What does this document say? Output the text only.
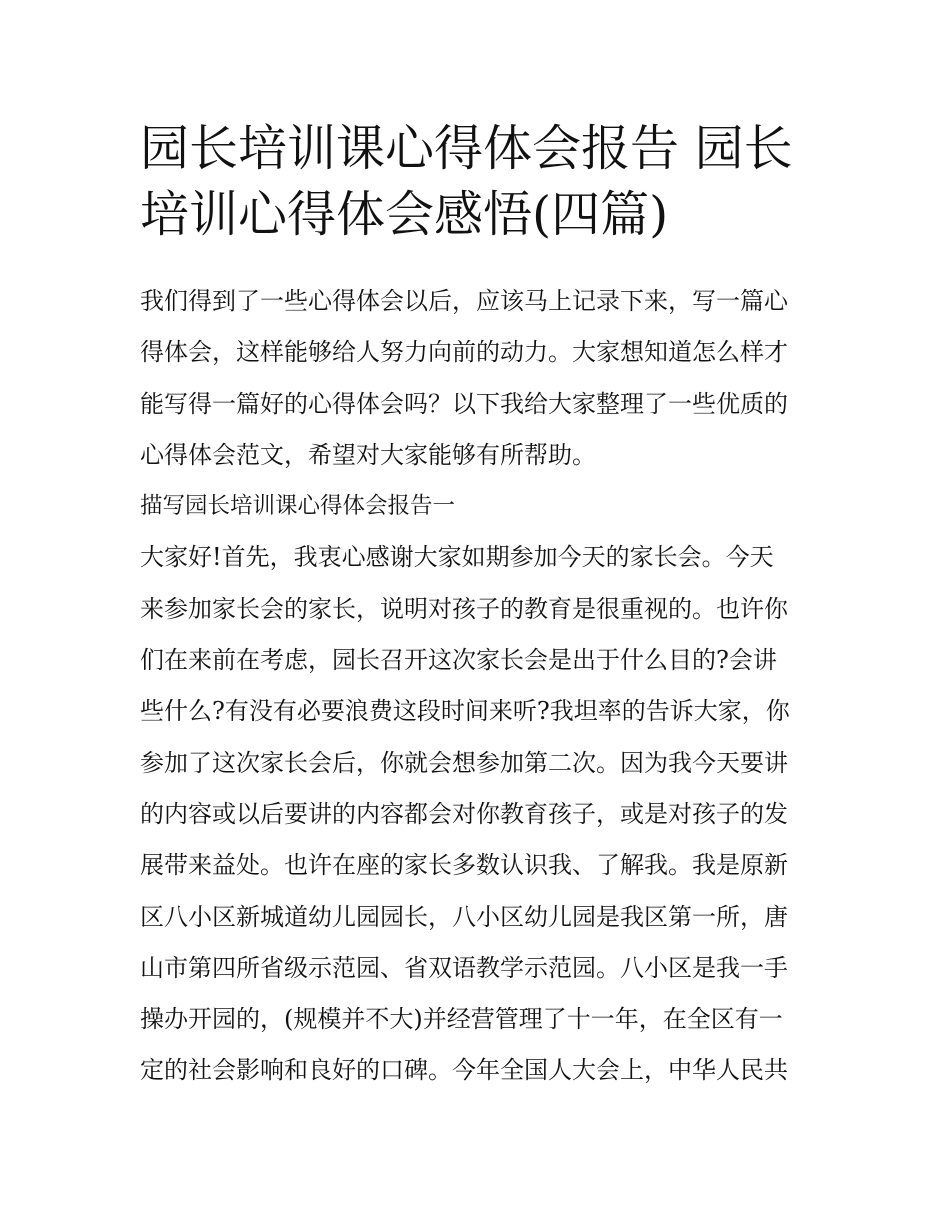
园长培训课心得体会报告 园长
培训心得体会感悟(四篇)
我们得到了一些心得体会以后，应该马上记录下来，写一篇心
得体会，这样能够给人努力向前的动力。大家想知道怎么样才
能写得一篇好的心得体会吗？以下我给大家整理了一些优质的
心得体会范文，希望对大家能够有所帮助。
描写园长培训课心得体会报告一
大家好!首先，我衷心感谢大家如期参加今天的家长会。今天
来参加家长会的家长，说明对孩子的教育是很重视的。也许你
们在来前在考虑，园长召开这次家长会是出于什么目的?会讲
些什么?有没有必要浪费这段时间来听?我坦率的告诉大家，你
参加了这次家长会后，你就会想参加第二次。因为我今天要讲
的内容或以后要讲的内容都会对你教育孩子，或是对孩子的发
展带来益处。也许在座的家长多数认识我、了解我。我是原新
区八小区新城道幼儿园园长，八小区幼儿园是我区第一所，唐
山市第四所省级示范园、省双语教学示范园。八小区是我一手
操办开园的，(规模并不大)并经营管理了十一年，在全区有一
定的社会影响和良好的口碑。今年全国人大会上，中华人民共
